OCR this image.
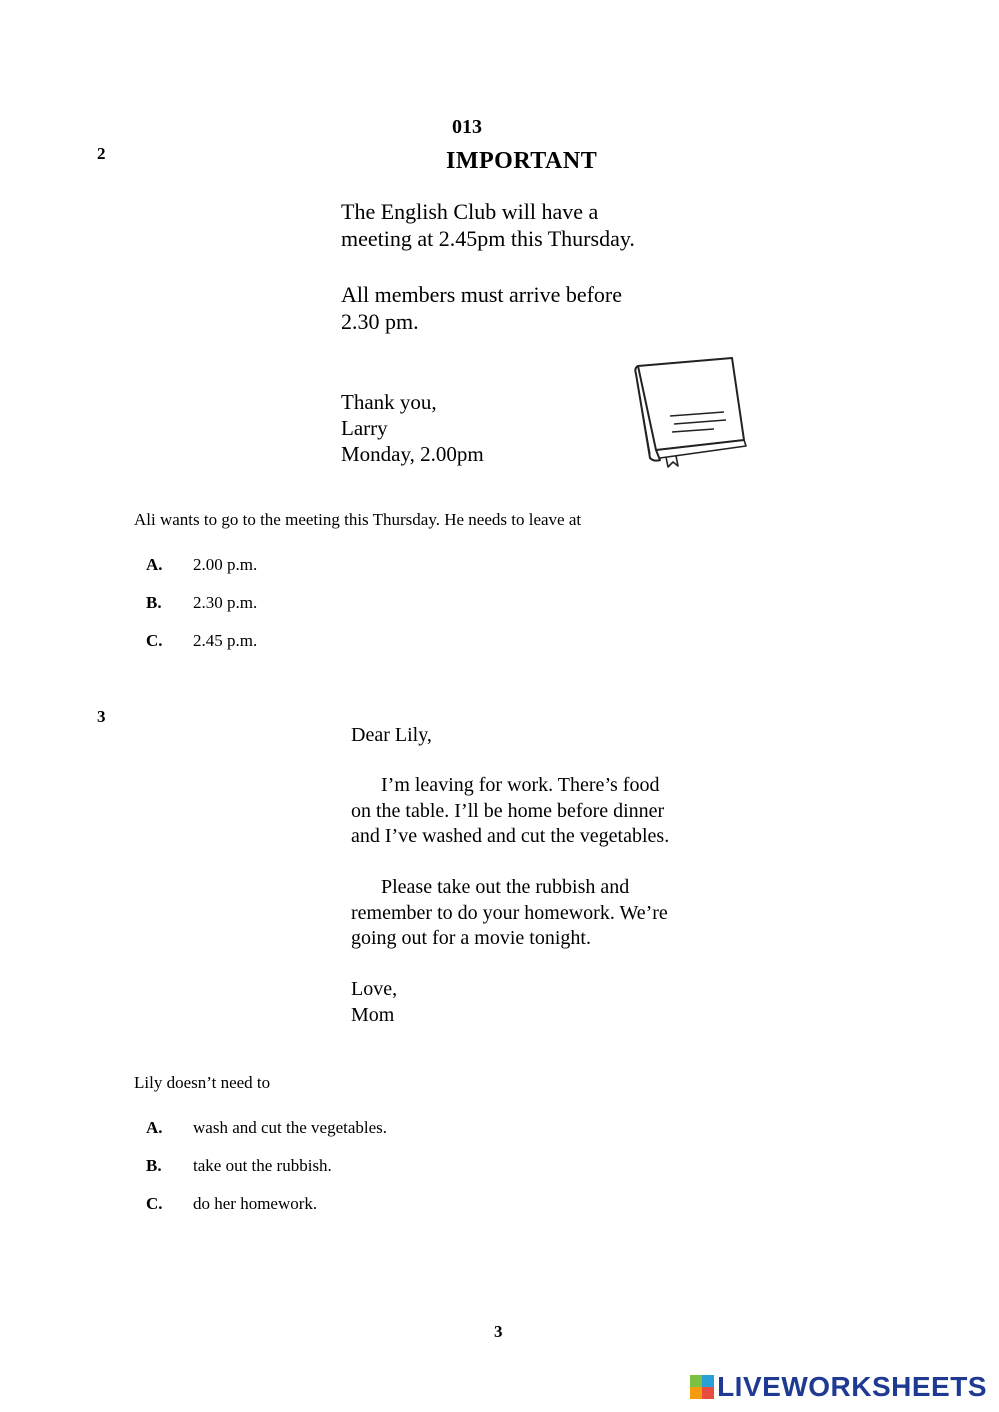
013
2	IMPORTANT
The English Club will have a
meeting at 2.45pm this Thursday.
All members must arrive before
2.30 pm.
Thank you,
Larry
Monday, 2.00pm
Ali wants to go to the meeting this Thursday. He needs to leave at
A. 2.00 p.m.
B. 2.30 p.m.
C. 2.45 p.m.
3
Dear Lily,
I’m leaving for work. There’s food
on the table. I’ll be home before dinner
and I’ve washed and cut the vegetables.
Please take out the rubbish and
remember to do your homework. We’re
going out for a movie tonight.
Love,
Mom
Lily doesn’t need to
A. wash and cut the vegetables.
B. take out the rubbish.
C. do her homework.
3
LIVEWORKSHEETS
